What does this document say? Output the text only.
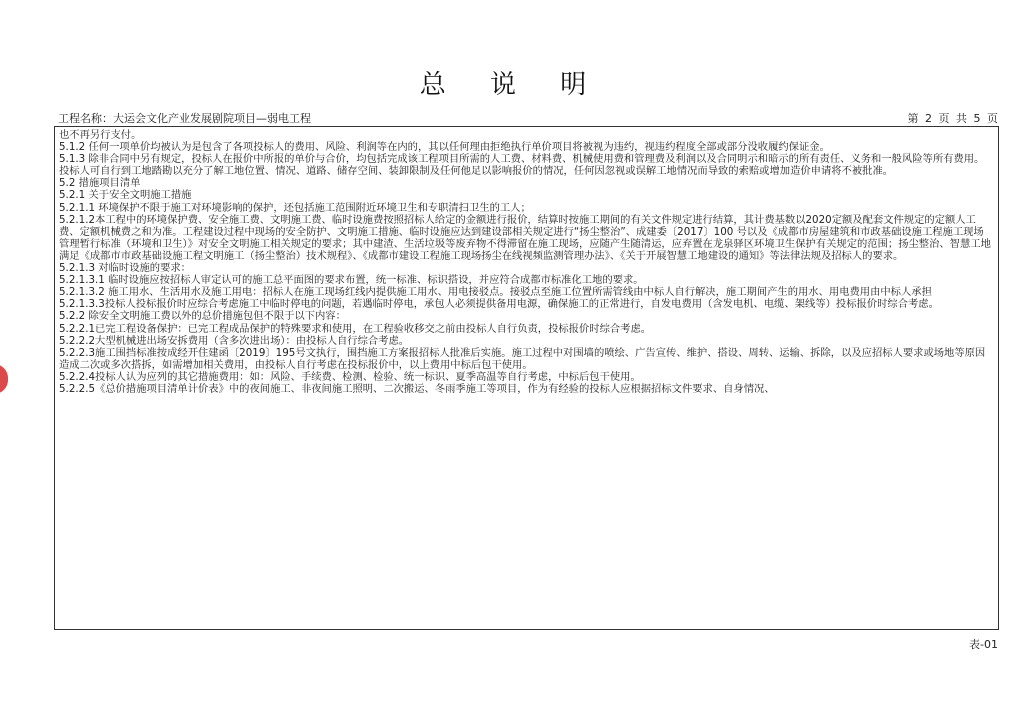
总 说 明
工程名称：大运会文化产业发展剧院项目—弱电工程	第 2 页 共 5 页

也不再另行支付。

5.1.2 任何一项单价均被认为是包含了各项投标人的费用、风险、利润等在内的，其以任何理由拒绝执行单价项目将被视为违约，视违约程度全部或部分没收履约保证金。

5.1.3 除非合同中另有规定，投标人在报价中所报的单价与合价，均包括完成该工程项目所需的人工费、材料费、机械使用费和管理费及利润以及合同明示和暗示的所有责任、义务和一般风险等所有费用。投标人可自行到工地踏勘以充分了解工地位置、情况、道路、储存空间、装卸限制及任何他足以影响报价的情况，任何因忽视或误解工地情况而导致的索赔或增加造价申请将不被批准。

5.2 措施项目清单

5.2.1 关于安全文明施工措施

5.2.1.1 环境保护不限于施工对环境影响的保护，还包括施工范围附近环境卫生和专职清扫卫生的工人；

5.2.1.2本工程中的环境保护费、安全施工费、文明施工费、临时设施费按照招标人给定的金额进行报价，结算时按施工期间的有关文件规定进行结算，其计费基数以2020定额及配套文件规定的定额人工费、定额机械费之和为准。工程建设过程中现场的安全防护、文明施工措施、临时设施应达到建设部相关规定进行“扬尘整治”、成建委〔2017〕100 号以及《成都市房屋建筑和市政基础设施工程施工现场管理暂行标准（环境和卫生）》对安全文明施工相关规定的要求；其中建渣、生活垃圾等废弃物不得滞留在施工现场，应随产生随清运，应弃置在龙泉驿区环境卫生保护有关规定的范围；扬尘整治、智慧工地满足《成都市市政基础设施工程文明施工（扬尘整治）技术规程》、《成都市建设工程施工现场扬尘在线视频监测管理办法》、《关于开展智慧工地建设的通知》等法律法规及招标人的要求。

5.2.1.3 对临时设施的要求：

5.2.1.3.1 临时设施应按招标人审定认可的施工总平面图的要求布置，统一标准、标识搭设，并应符合成都市标准化工地的要求。

5.2.1.3.2 施工用水、生活用水及施工用电：招标人在施工现场红线内提供施工用水、用电接驳点。接驳点至施工位置所需管线由中标人自行解决，施工期间产生的用水、用电费用由中标人承担

5.2.1.3.3投标人投标报价时应综合考虑施工中临时停电的问题，若遇临时停电，承包人必须提供备用电源，确保施工的正常进行，自发电费用（含发电机、电缆、架线等）投标报价时综合考虑。

5.2.2 除安全文明施工费以外的总价措施包但不限于以下内容：

5.2.2.1已完工程设备保护：已完工程成品保护的特殊要求和使用，在工程验收移交之前由投标人自行负责，投标报价时综合考虑。

5.2.2.2大型机械进出场安拆费用（含多次进出场）：由投标人自行综合考虑。

5.2.2.3施工围挡标准按成经开住建函〔2019〕195号文执行，围挡施工方案报招标人批准后实施。施工过程中对围墙的喷绘、广告宣传、维护、搭设、周转、运输、拆除，以及应招标人要求或场地等原因造成二次或多次搭拆，如需增加相关费用，由投标人自行考虑在投标报价中，以上费用中标后包干使用。

5.2.2.4投标人认为应列的其它措施费用：如：风险、手续费、检测、检验、统一标识、夏季高温等自行考虑，中标后包干使用。

5.2.2.5《总价措施项目清单计价表》中的夜间施工、非夜间施工照明、二次搬运、冬雨季施工等项目，作为有经验的投标人应根据招标文件要求、自身情况、

表-01
